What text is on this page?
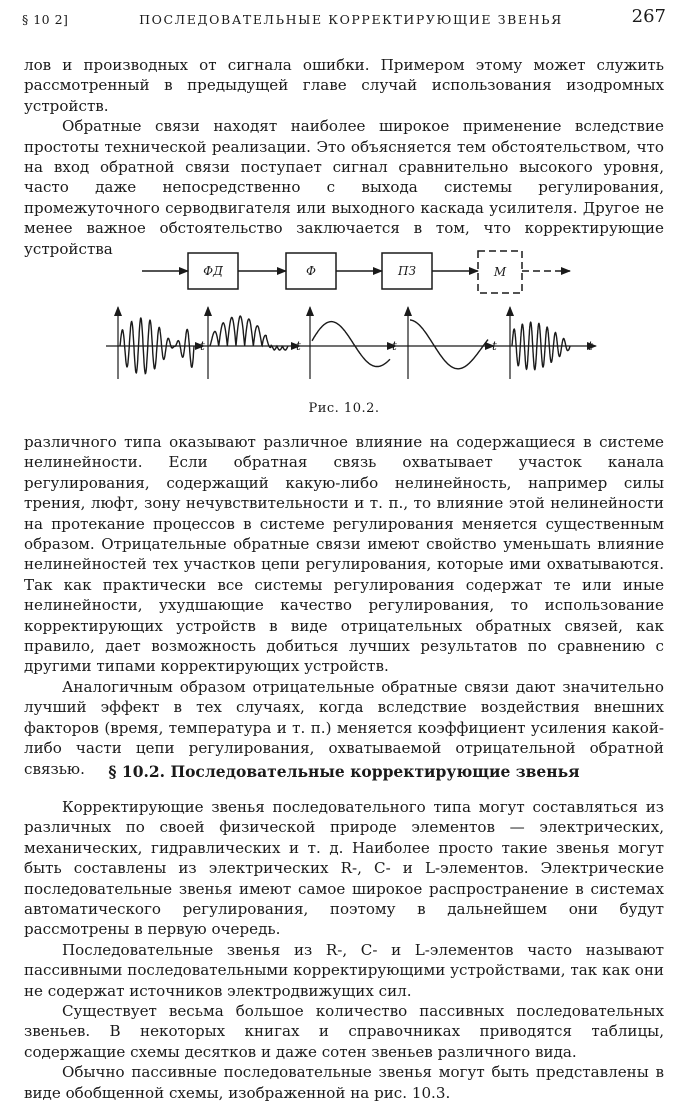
§ 10 2]	ПОСЛЕДОВАТЕЛЬНЫЕ КОРРЕКТИРУЮЩИЕ ЗВЕНЬЯ	267

лов и производных от сигнала ошибки. Примером этому может служить рассмотренный в предыдущей главе случай использования изодромных устройств.

Обратные связи находят наиболее широкое применение вследствие простоты технической реализации. Это объясняется тем обстоятельством, что на вход обратной связи поступает сигнал сравнительно высокого уровня, часто даже непосредственно с выхода системы регулирования, промежуточного серводвигателя или выходного каскада усилителя. Другое не менее важное обстоятельство заключается в том, что корректирующие устройства

ФД	Ф	ПЗ	М
t	t	t	t	t
Рис. 10.2.

различного типа оказывают различное влияние на содержащиеся в системе нелинейности. Если обратная связь охватывает участок канала регулирования, содержащий какую-либо нелинейность, например силы трения, люфт, зону нечувствительности и т. п., то влияние этой нелинейности на протекание процессов в системе регулирования меняется существенным образом. Отрицательные обратные связи имеют свойство уменьшать влияние нелинейностей тех участков цепи регулирования, которые ими охватываются. Так как практически все системы регулирования содержат те или иные нелинейности, ухудшающие качество регулирования, то использование корректирующих устройств в виде отрицательных обратных связей, как правило, дает возможность добиться лучших результатов по сравнению с другими типами корректирующих устройств.

Аналогичным образом отрицательные обратные связи дают значительно лучший эффект в тех случаях, когда вследствие воздействия внешних факторов (время, температура и т. п.) меняется коэффициент усиления какой-либо части цепи регулирования, охватываемой отрицательной обратной связью.	§ 10.2. Последовательные корректирующие звенья

Корректирующие звенья последовательного типа могут составляться из различных по своей физической природе элементов — электрических, механических, гидравлических и т. д. Наиболее просто такие звенья могут быть составлены из электрических R-, C- и L-элементов. Электрические последовательные звенья имеют самое широкое распространение в системах автоматического регулирования, поэтому в дальнейшем они будут рассмотрены в первую очередь.

Последовательные звенья из R-, C- и L-элементов часто называют пассивными последовательными корректирующими устройствами, так как они не содержат источников электродвижущих сил.

Существует весьма большое количество пассивных последовательных звеньев. В некоторых книгах и справочниках приводятся таблицы, содержащие схемы десятков и даже сотен звеньев различного вида.

Обычно пассивные последовательные звенья могут быть представлены в виде обобщенной схемы, изображенной на рис. 10.3.
